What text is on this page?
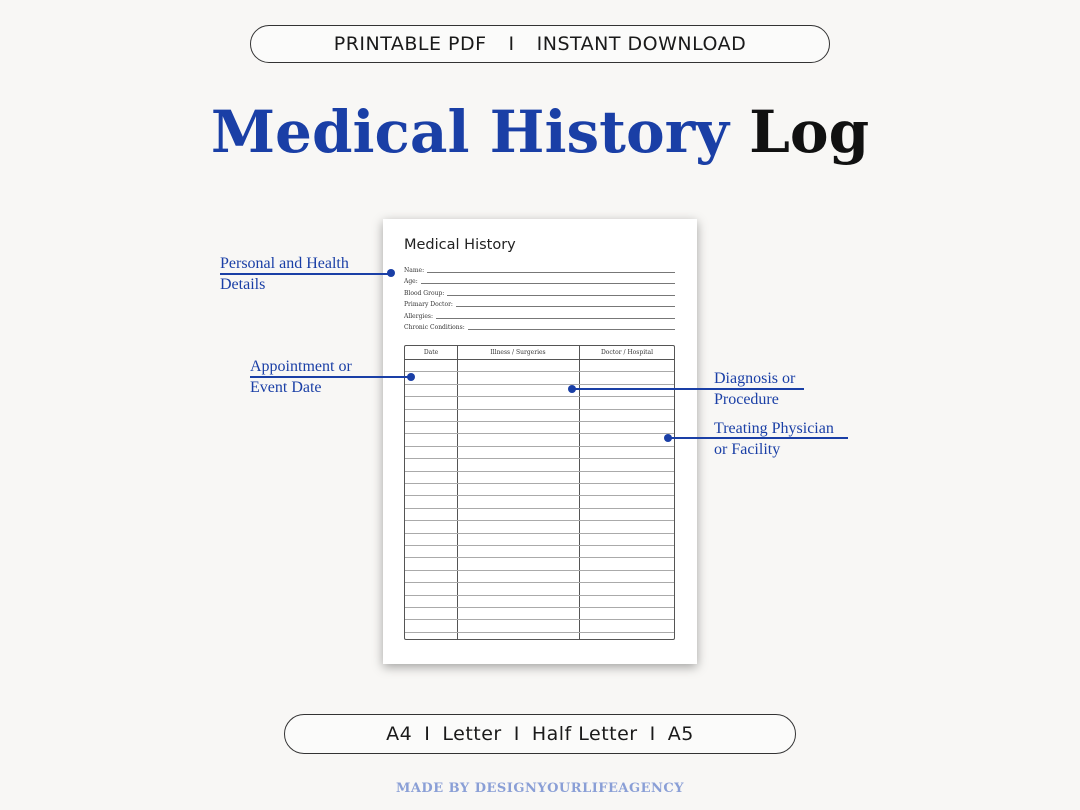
PRINTABLE PDF I INSTANT DOWNLOAD
Medical History Log
Medical History
Name:
Age:
Blood Group:
Primary Doctor:
Allergies:
Chronic Conditions:
Date	Illness / Surgeries	Doctor / Hospital
Personal and Health
Details
Appointment or
Event Date
Diagnosis or
Procedure
Treating Physician
or Facility
A4 I Letter I Half Letter I A5
MADE BY DESIGNYOURLIFEAGENCY
